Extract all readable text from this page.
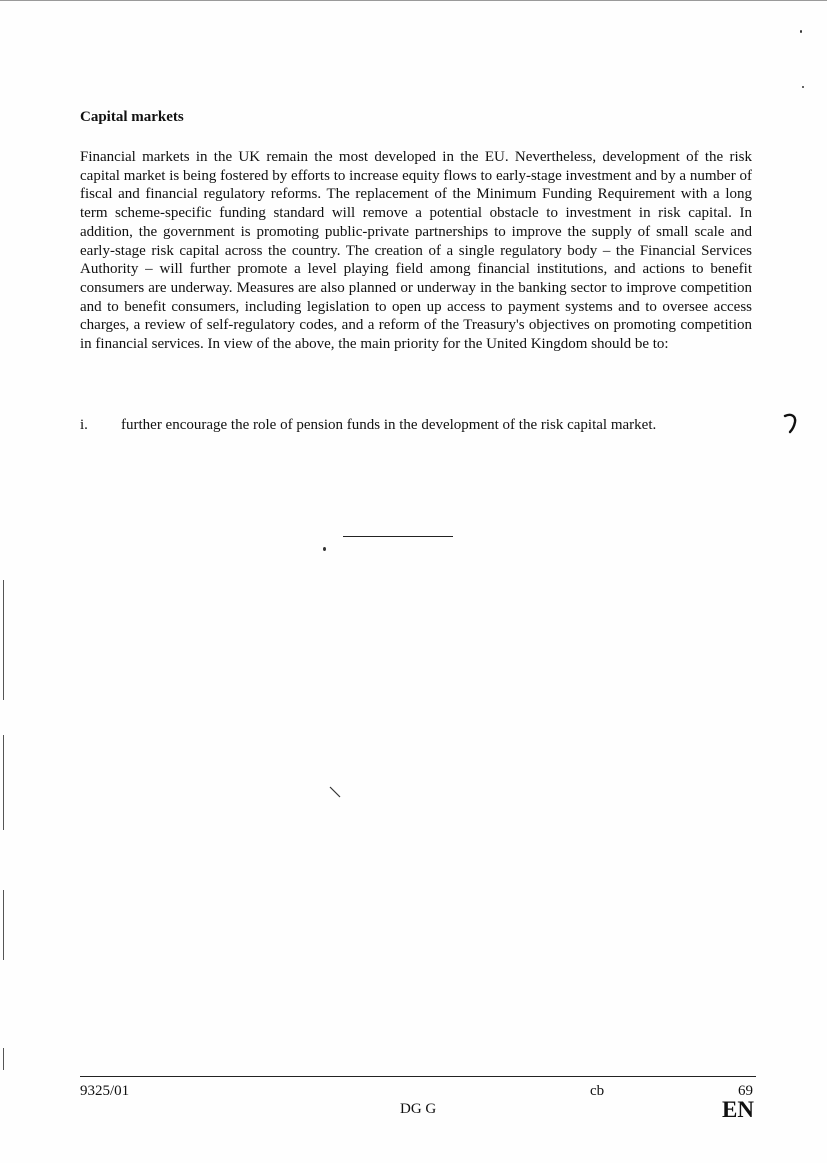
Capital markets

Financial markets in the UK remain the most developed in the EU. Nevertheless, development of the risk capital market is being fostered by efforts to increase equity flows to early-stage investment and by a number of fiscal and financial regulatory reforms. The replacement of the Minimum Funding Requirement with a long term scheme-specific funding standard will remove a potential obstacle to investment in risk capital. In addition, the government is promoting public-private partnerships to improve the supply of small scale and early-stage risk capital across the country. The creation of a single regulatory body – the Financial Services Authority – will further promote a level playing field among financial institutions, and actions to benefit consumers are underway. Measures are also planned or underway in the banking sector to improve competition and to benefit consumers, including legislation to open up access to payment systems and to oversee access charges, a review of self-regulatory codes, and a reform of the Treasury's objectives on promoting competition in financial services. In view of the above, the main priority for the United Kingdom should be to:

i.	further encourage the role of pension funds in the development of the risk capital market.
9325/01	cb	69
DG G	EN
